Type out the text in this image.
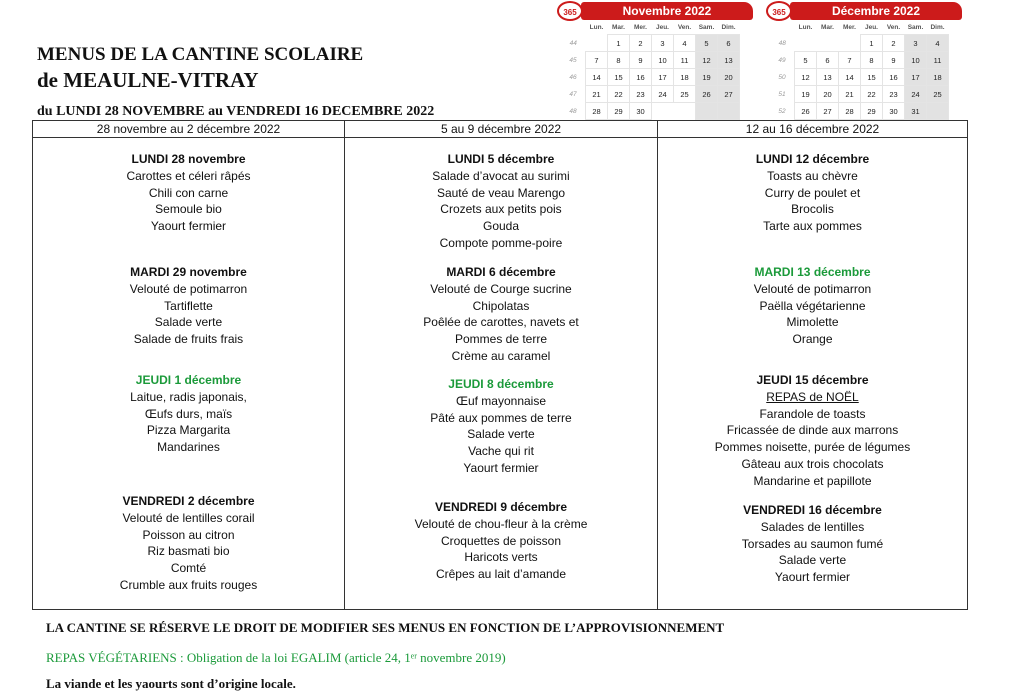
MENUS DE LA CANTINE SCOLAIRE
de MEAULNE-VITRAY
du LUNDI 28 NOVEMBRE au VENDREDI 16 DECEMBRE 2022
365	Novembre 2022
	Lun.	Mar.	Mer.	Jeu.	Ven.	Sam.	Dim.
44		1	2	3	4	5	6
45	7	8	9	10	11	12	13
46	14	15	16	17	18	19	20
47	21	22	23	24	25	26	27
48	28	29	30				
365	Décembre 2022
	Lun.	Mar.	Mer.	Jeu.	Ven.	Sam.	Dim.
48				1	2	3	4
49	5	6	7	8	9	10	11
50	12	13	14	15	16	17	18
51	19	20	21	22	23	24	25
52	26	27	28	29	30	31	
28 novembre au 2 décembre 2022
LUNDI 28 novembre
Carottes et céleri râpés
Chili con carne
Semoule bio
Yaourt fermier
MARDI 29 novembre
Velouté de potimarron
Tartiflette
Salade verte
Salade de fruits frais
JEUDI 1 décembre
Laitue, radis japonais,
Œufs durs, maïs
Pizza Margarita
Mandarines
VENDREDI 2 décembre
Velouté de lentilles corail
Poisson au citron
Riz basmati bio
Comté
Crumble aux fruits rouges
5 au 9 décembre 2022
LUNDI 5 décembre
Salade d’avocat au surimi
Sauté de veau Marengo
Crozets aux petits pois
Gouda
Compote pomme-poire
MARDI 6 décembre
Velouté de Courge sucrine
Chipolatas
Poêlée de carottes, navets et
Pommes de terre
Crème au caramel
JEUDI 8 décembre
Œuf mayonnaise
Pâté aux pommes de terre
Salade verte
Vache qui rit
Yaourt fermier
VENDREDI 9 décembre
Velouté de chou-fleur à la crème
Croquettes de poisson
Haricots verts
Crêpes au lait d’amande
12 au 16 décembre 2022
LUNDI 12 décembre
Toasts au chèvre
Curry de poulet et
Brocolis
Tarte aux pommes
MARDI 13 décembre
Velouté de potimarron
Paëlla végétarienne
Mimolette
Orange
JEUDI 15 décembre
REPAS de NOËL
Farandole de toasts
Fricassée de dinde aux marrons
Pommes noisette, purée de légumes
Gâteau aux trois chocolats
Mandarine et papillote
VENDREDI 16 décembre
Salades de lentilles
Torsades au saumon fumé
Salade verte
Yaourt fermier
LA CANTINE SE RÉSERVE LE DROIT DE MODIFIER SES MENUS EN FONCTION DE L’APPROVISIONNEMENT
REPAS VÉGÉTARIENS : Obligation de la loi EGALIM (article 24, 1ᵉʳ novembre 2019)
La viande et les yaourts sont d’origine locale.
